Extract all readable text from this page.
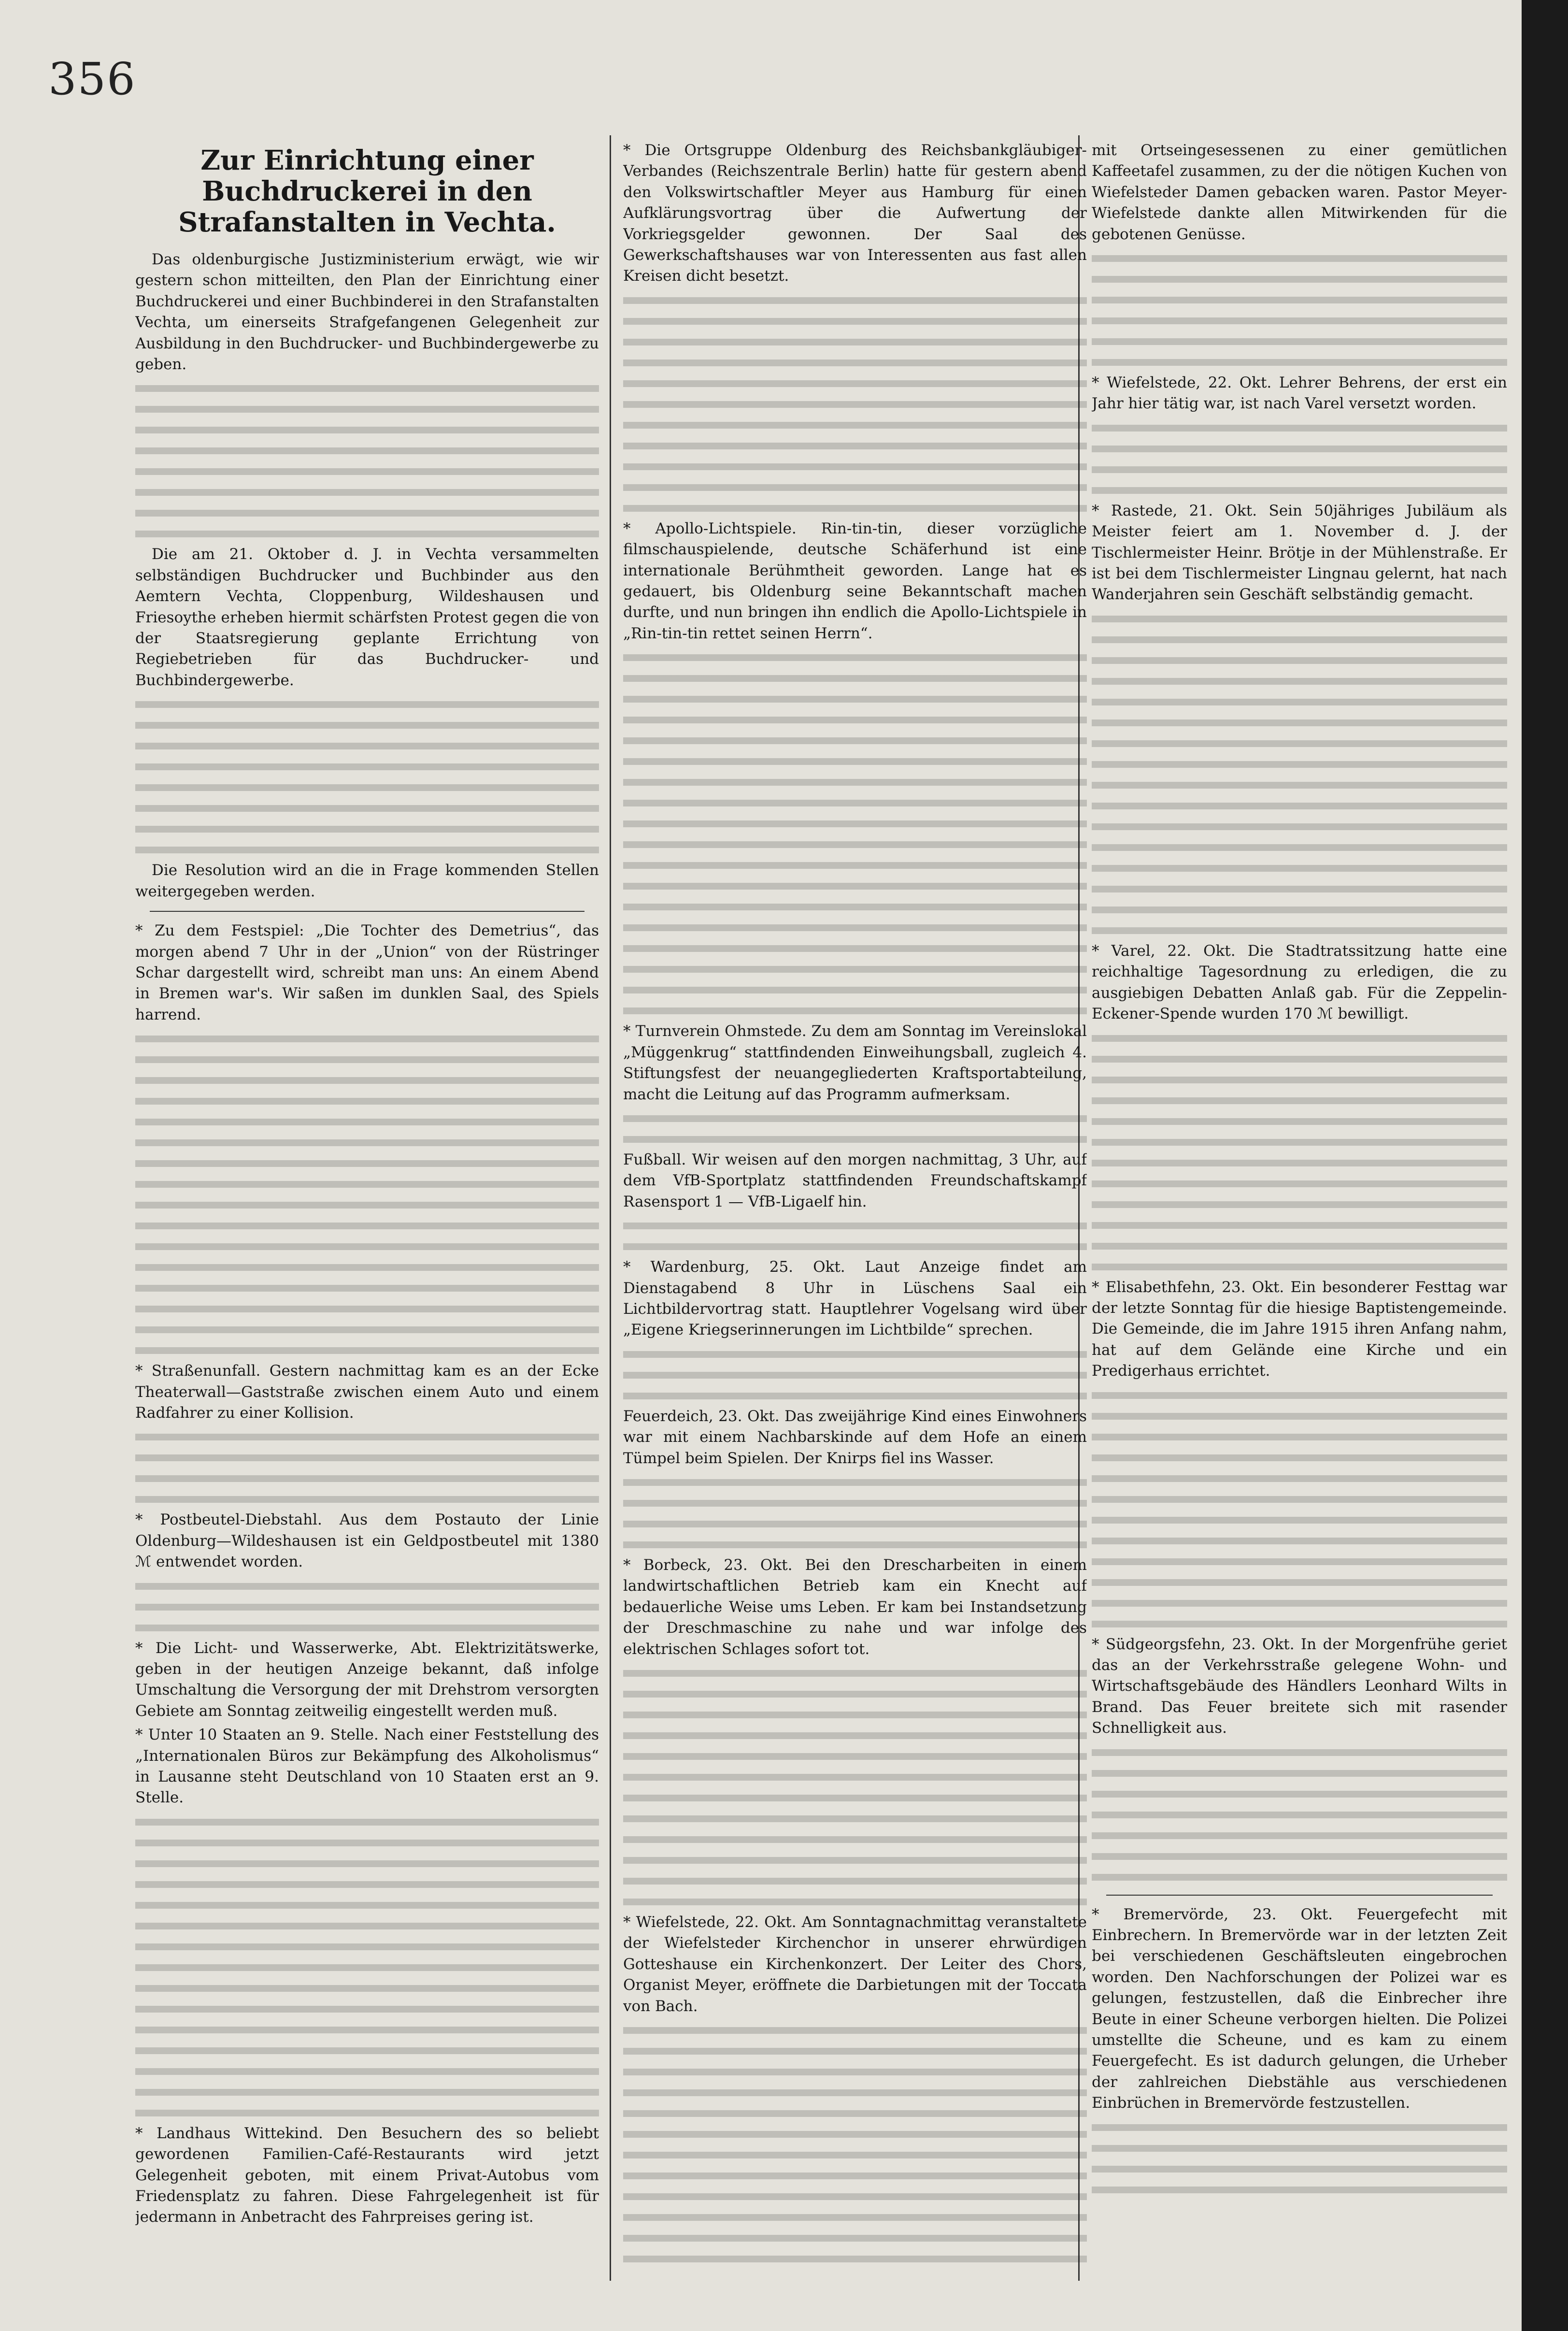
356
Zur Einrichtung einer Buchdruckerei in den Strafanstalten in Vechta.

Das oldenburgische Justizministerium erwägt, wie wir gestern schon mitteilten, den Plan der Einrichtung einer Buchdruckerei und einer Buchbinderei in den Strafanstalten Vechta, um einerseits Strafgefangenen Gelegenheit zur Ausbildung in den Buchdrucker- und Buchbindergewerbe zu geben.

Die am 21. Oktober d. J. in Vechta versammelten selbständigen Buchdrucker und Buchbinder aus den Aemtern Vechta, Cloppenburg, Wildeshausen und Friesoythe erheben hiermit schärfsten Protest gegen die von der Staatsregierung geplante Errichtung von Regiebetrieben für das Buchdrucker- und Buchbindergewerbe.

Die Resolution wird an die in Frage kommenden Stellen weitergegeben werden.

* Zu dem Festspiel: „Die Tochter des Demetrius“, das morgen abend 7 Uhr in der „Union“ von der Rüstringer Schar dargestellt wird, schreibt man uns: An einem Abend in Bremen war's. Wir saßen im dunklen Saal, des Spiels harrend.

* Straßenunfall. Gestern nachmittag kam es an der Ecke Theaterwall—Gaststraße zwischen einem Auto und einem Radfahrer zu einer Kollision.

* Postbeutel-Diebstahl. Aus dem Postauto der Linie Oldenburg—Wildeshausen ist ein Geldpostbeutel mit 1380 ℳ entwendet worden.

* Die Licht- und Wasserwerke, Abt. Elektrizitätswerke, geben in der heutigen Anzeige bekannt, daß infolge Umschaltung die Versorgung der mit Drehstrom versorgten Gebiete am Sonntag zeitweilig eingestellt werden muß.

* Unter 10 Staaten an 9. Stelle. Nach einer Feststellung des „Internationalen Büros zur Bekämpfung des Alkoholismus“ in Lausanne steht Deutschland von 10 Staaten erst an 9. Stelle.

* Landhaus Wittekind. Den Besuchern des so beliebt gewordenen Familien-Café-Restaurants wird jetzt Gelegenheit geboten, mit einem Privat-Autobus vom Friedensplatz zu fahren. Diese Fahrgelegenheit ist für jedermann in Anbetracht des Fahrpreises gering ist.

* Die Ortsgruppe Oldenburg des Reichsbankgläubiger-Verbandes (Reichszentrale Berlin) hatte für gestern abend den Volkswirtschaftler Meyer aus Hamburg für einen Aufklärungsvortrag über die Aufwertung der Vorkriegsgelder gewonnen. Der Saal des Gewerkschaftshauses war von Interessenten aus fast allen Kreisen dicht besetzt.

* Apollo-Lichtspiele. Rin-tin-tin, dieser vorzügliche filmschauspielende, deutsche Schäferhund ist eine internationale Berühmtheit geworden. Lange hat es gedauert, bis Oldenburg seine Bekanntschaft machen durfte, und nun bringen ihn endlich die Apollo-Lichtspiele in „Rin-tin-tin rettet seinen Herrn“.

* Turnverein Ohmstede. Zu dem am Sonntag im Vereinslokal „Müggenkrug“ stattfindenden Einweihungsball, zugleich 4. Stiftungsfest der neuangegliederten Kraftsportabteilung, macht die Leitung auf das Programm aufmerksam.

Fußball. Wir weisen auf den morgen nachmittag, 3 Uhr, auf dem VfB-Sportplatz stattfindenden Freundschaftskampf Rasensport 1 — VfB-Ligaelf hin.

* Wardenburg, 25. Okt. Laut Anzeige findet am Dienstagabend 8 Uhr in Lüschens Saal ein Lichtbildervortrag statt. Hauptlehrer Vogelsang wird über „Eigene Kriegserinnerungen im Lichtbilde“ sprechen.

Feuerdeich, 23. Okt. Das zweijährige Kind eines Einwohners war mit einem Nachbarskinde auf dem Hofe an einem Tümpel beim Spielen. Der Knirps fiel ins Wasser.

* Borbeck, 23. Okt. Bei den Drescharbeiten in einem landwirtschaftlichen Betrieb kam ein Knecht auf bedauerliche Weise ums Leben. Er kam bei Instandsetzung der Dreschmaschine zu nahe und war infolge des elektrischen Schlages sofort tot.

* Wiefelstede, 22. Okt. Am Sonntagnachmittag veranstaltete der Wiefelsteder Kirchenchor in unserer ehrwürdigen Gotteshause ein Kirchenkonzert. Der Leiter des Chors, Organist Meyer, eröffnete die Darbietungen mit der Toccata von Bach.

mit Ortseingesessenen zu einer gemütlichen Kaffeetafel zusammen, zu der die nötigen Kuchen von Wiefelsteder Damen gebacken waren. Pastor Meyer-Wiefelstede dankte allen Mitwirkenden für die gebotenen Genüsse.

* Wiefelstede, 22. Okt. Lehrer Behrens, der erst ein Jahr hier tätig war, ist nach Varel versetzt worden.

* Rastede, 21. Okt. Sein 50jähriges Jubiläum als Meister feiert am 1. November d. J. der Tischlermeister Heinr. Brötje in der Mühlenstraße. Er ist bei dem Tischlermeister Lingnau gelernt, hat nach Wanderjahren sein Geschäft selbständig gemacht.

* Varel, 22. Okt. Die Stadtratssitzung hatte eine reichhaltige Tagesordnung zu erledigen, die zu ausgiebigen Debatten Anlaß gab. Für die Zeppelin-Eckener-Spende wurden 170 ℳ bewilligt.

* Elisabethfehn, 23. Okt. Ein besonderer Festtag war der letzte Sonntag für die hiesige Baptistengemeinde. Die Gemeinde, die im Jahre 1915 ihren Anfang nahm, hat auf dem Gelände eine Kirche und ein Predigerhaus errichtet.

* Südgeorgsfehn, 23. Okt. In der Morgenfrühe geriet das an der Verkehrsstraße gelegene Wohn- und Wirtschaftsgebäude des Händlers Leonhard Wilts in Brand. Das Feuer breitete sich mit rasender Schnelligkeit aus.

* Bremervörde, 23. Okt. Feuergefecht mit Einbrechern. In Bremervörde war in der letzten Zeit bei verschiedenen Geschäftsleuten eingebrochen worden. Den Nachforschungen der Polizei war es gelungen, festzustellen, daß die Einbrecher ihre Beute in einer Scheune verborgen hielten. Die Polizei umstellte die Scheune, und es kam zu einem Feuergefecht. Es ist dadurch gelungen, die Urheber der zahlreichen Diebstähle aus verschiedenen Einbrüchen in Bremervörde festzustellen.
